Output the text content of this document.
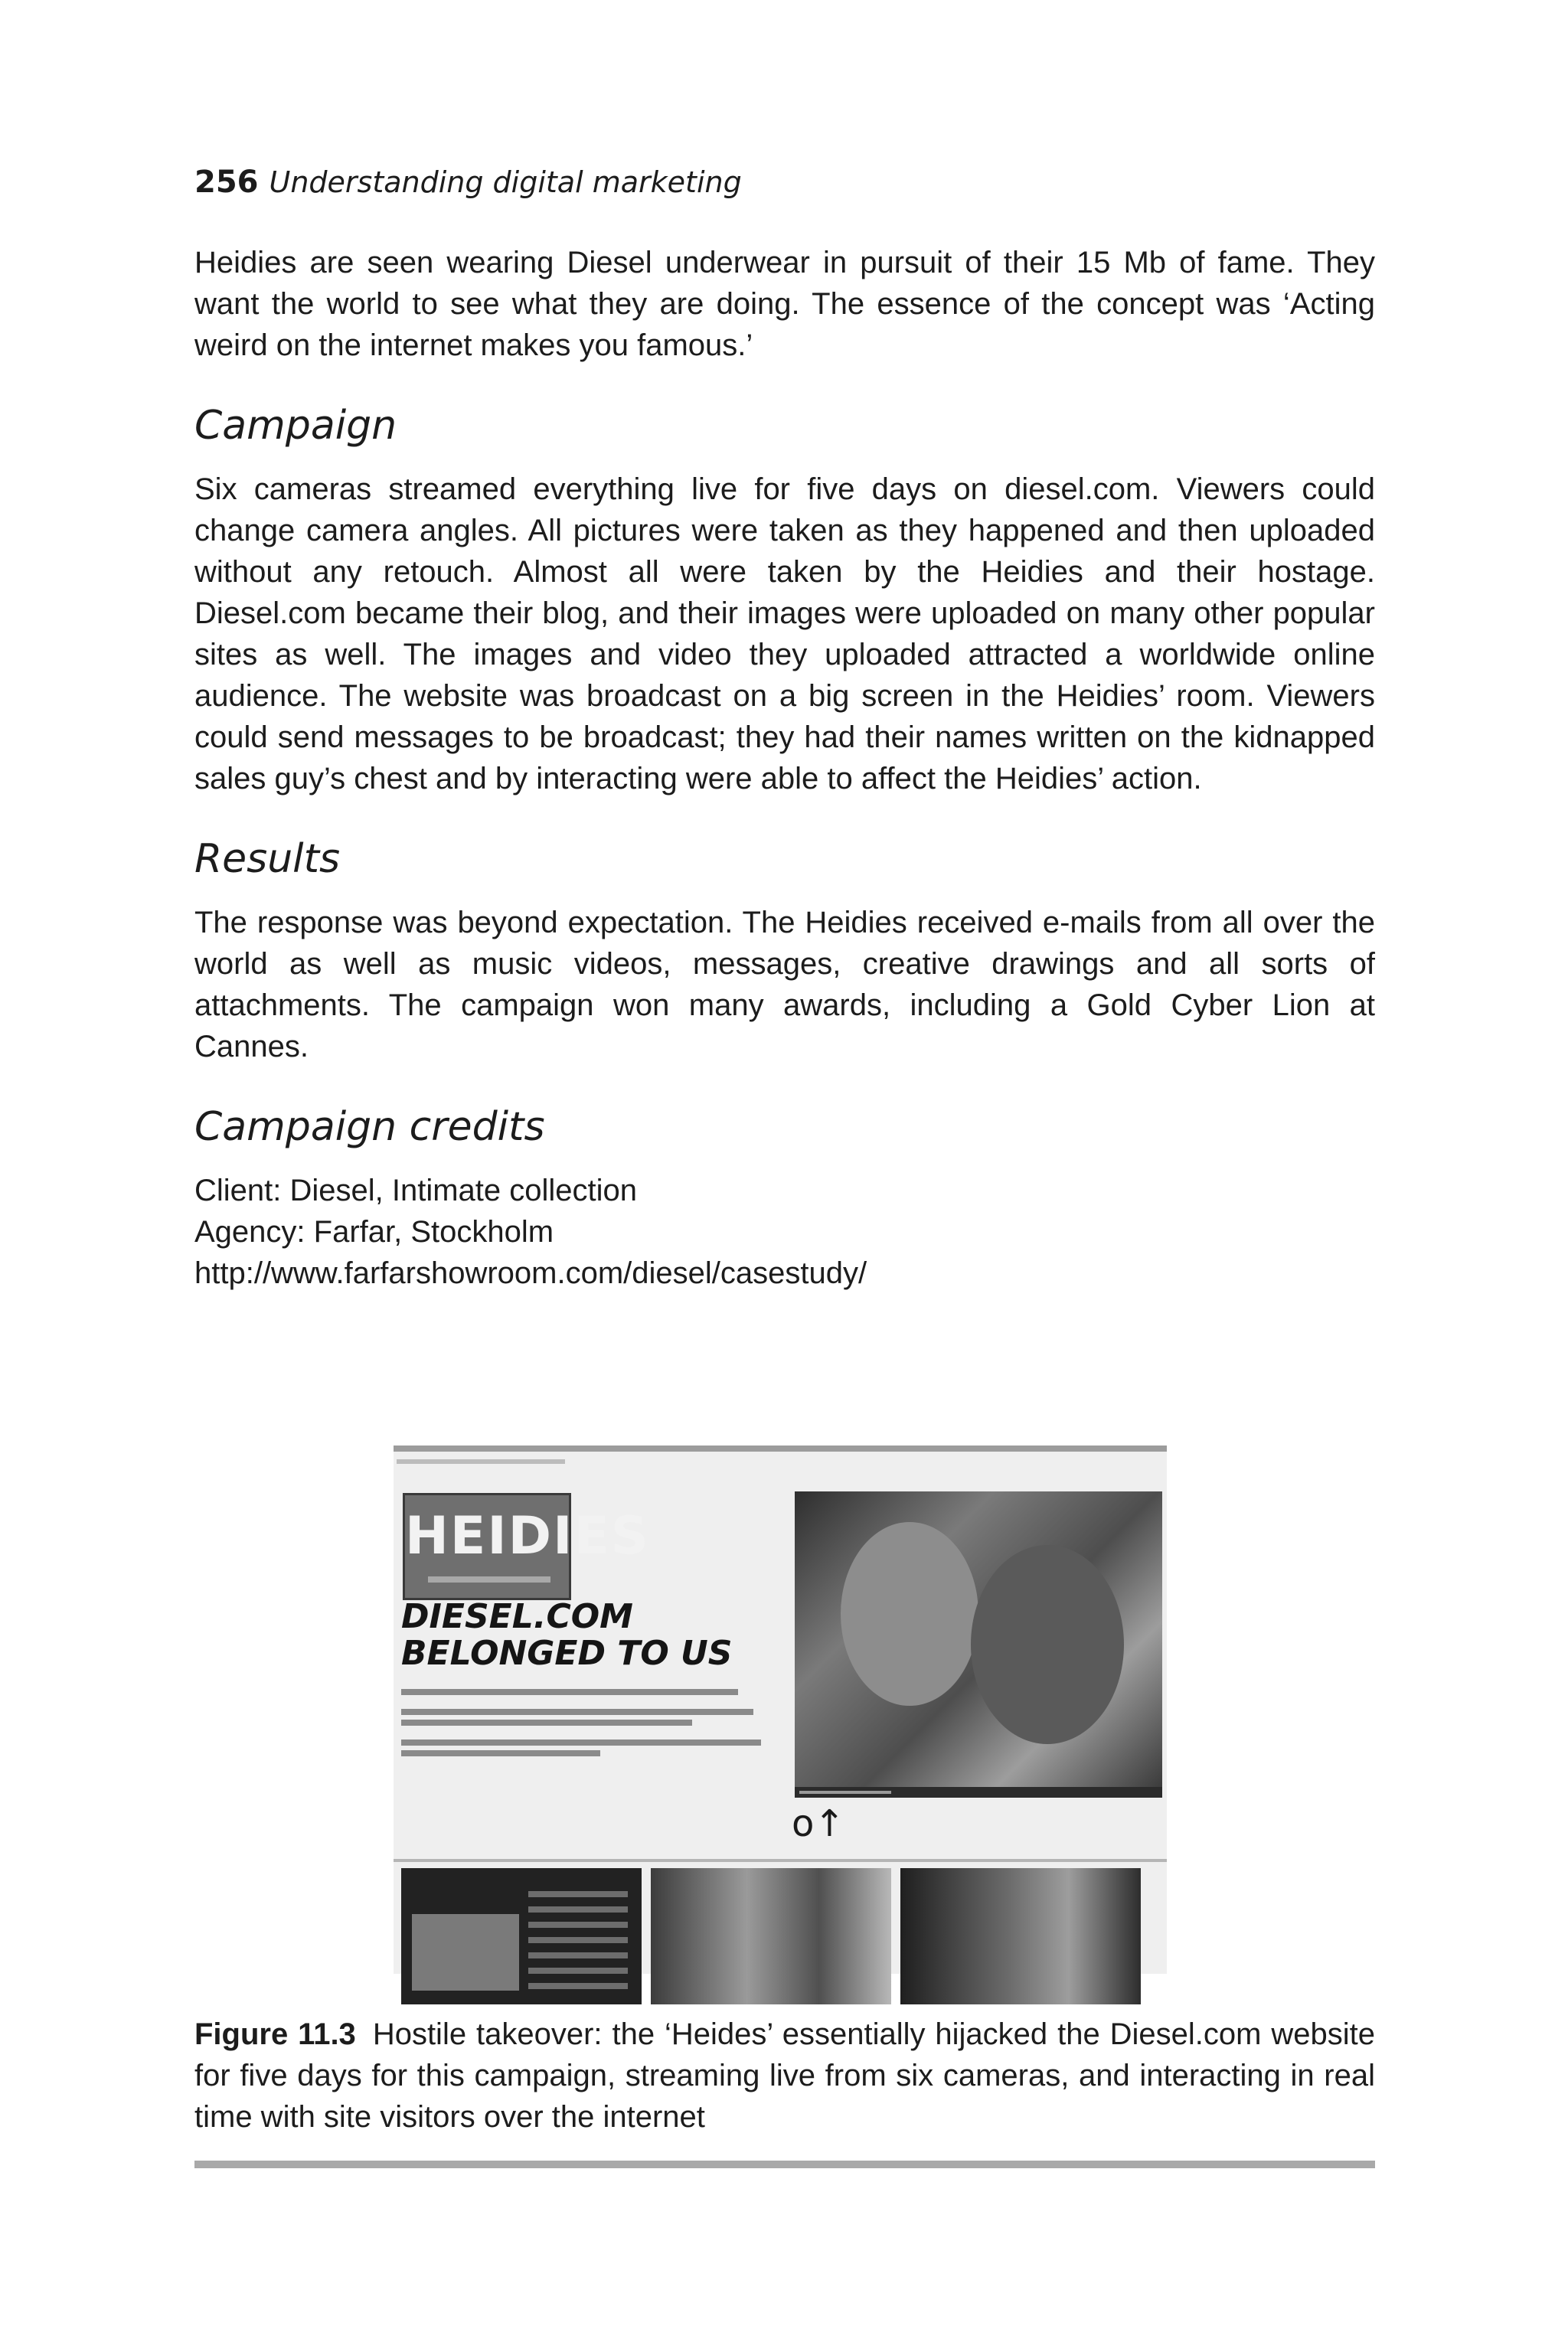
256 Understanding digital marketing

Heidies are seen wearing Diesel underwear in pursuit of their 15 Mb of fame. They want the world to see what they are doing. The essence of the concept was ‘Acting weird on the internet makes you famous.’

Campaign

Six cameras streamed everything live for five days on diesel.com. Viewers could change camera angles. All pictures were taken as they happened and then uploaded without any retouch. Almost all were taken by the Heidies and their hostage. Diesel.com became their blog, and their images were uploaded on many other popular sites as well. The images and video they uploaded attracted a worldwide online audience. The website was broadcast on a big screen in the Heidies’ room. Viewers could send messages to be broadcast; they had their names written on the kidnapped sales guy’s chest and by interacting were able to affect the Heidies’ action.

Results

The response was beyond expectation. The Heidies received e-mails from all over the world as well as music videos, messages, creative drawings and all sorts of attachments. The campaign won many awards, including a Gold Cyber Lion at Cannes.

Campaign credits
Client: Diesel, Intimate collection
Agency: Farfar, Stockholm
http://www.farfarshowroom.com/diesel/casestudy/
HEIDIES
DIESEL.COM
BELONGED TO US
o↑
Figure 11.3 Hostile takeover: the ‘Heides’ essentially hijacked the Diesel.com website for five days for this campaign, streaming live from six cameras, and interacting in real time with site visitors over the internet
